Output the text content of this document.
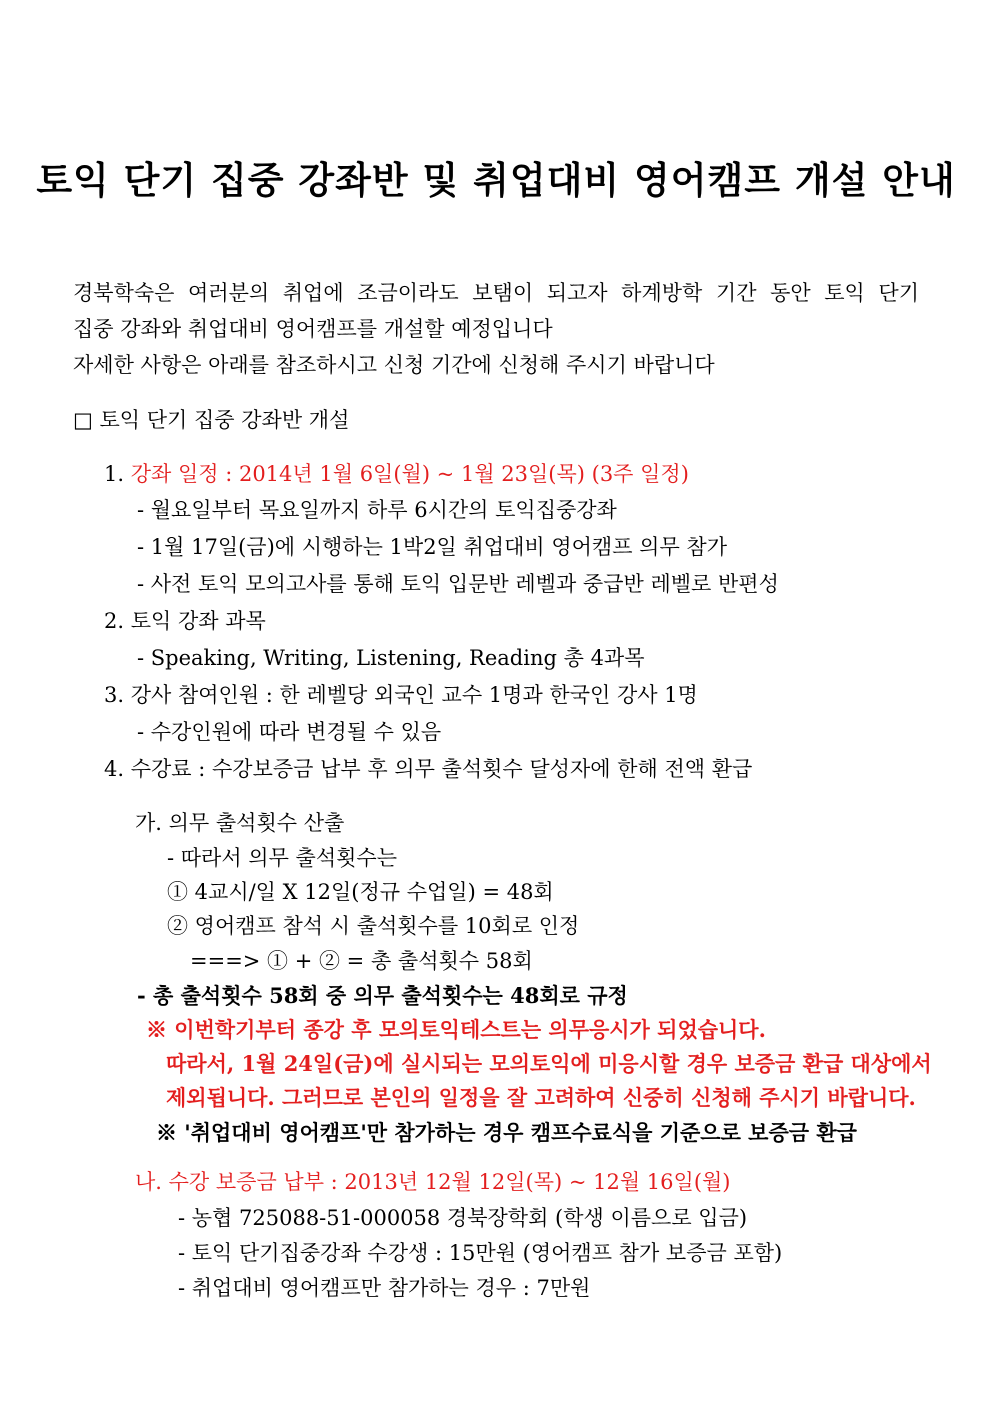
토익 단기 집중 강좌반 및 취업대비 영어캠프 개설 안내
경북학숙은 여러분의 취업에 조금이라도 보탬이 되고자 하계방학 기간 동안 토익 단기
집중 강좌와 취업대비 영어캠프를 개설할 예정입니다
자세한 사항은 아래를 참조하시고 신청 기간에 신청해 주시기 바랍니다
□ 토익 단기 집중 강좌반 개설
1. 강좌 일정 : 2014년 1월 6일(월) ~ 1월 23일(목) (3주 일정)
- 월요일부터 목요일까지 하루 6시간의 토익집중강좌
- 1월 17일(금)에 시행하는 1박2일 취업대비 영어캠프 의무 참가
- 사전 토익 모의고사를 통해 토익 입문반 레벨과 중급반 레벨로 반편성
2. 토익 강좌 과목
- Speaking, Writing, Listening, Reading 총 4과목
3. 강사 참여인원 : 한 레벨당 외국인 교수 1명과 한국인 강사 1명
- 수강인원에 따라 변경될 수 있음
4. 수강료 : 수강보증금 납부 후 의무 출석횟수 달성자에 한해 전액 환급
가. 의무 출석횟수 산출
- 따라서 의무 출석횟수는
① 4교시/일 X 12일(정규 수업일) = 48회
② 영어캠프 참석 시 출석횟수를 10회로 인정
===> ① + ② = 총 출석횟수 58회
- 총 출석횟수 58회 중 의무 출석횟수는 48회로 규정
※ 이번학기부터 종강 후 모의토익테스트는 의무응시가 되었습니다.
따라서, 1월 24일(금)에 실시되는 모의토익에 미응시할 경우 보증금 환급 대상에서
제외됩니다. 그러므로 본인의 일정을 잘 고려하여 신중히 신청해 주시기 바랍니다.
※ '취업대비 영어캠프'만 참가하는 경우 캠프수료식을 기준으로 보증금 환급
나. 수강 보증금 납부 : 2013년 12월 12일(목) ~ 12월 16일(월)
- 농협 725088-51-000058 경북장학회 (학생 이름으로 입금)
- 토익 단기집중강좌 수강생 : 15만원 (영어캠프 참가 보증금 포함)
- 취업대비 영어캠프만 참가하는 경우 : 7만원
